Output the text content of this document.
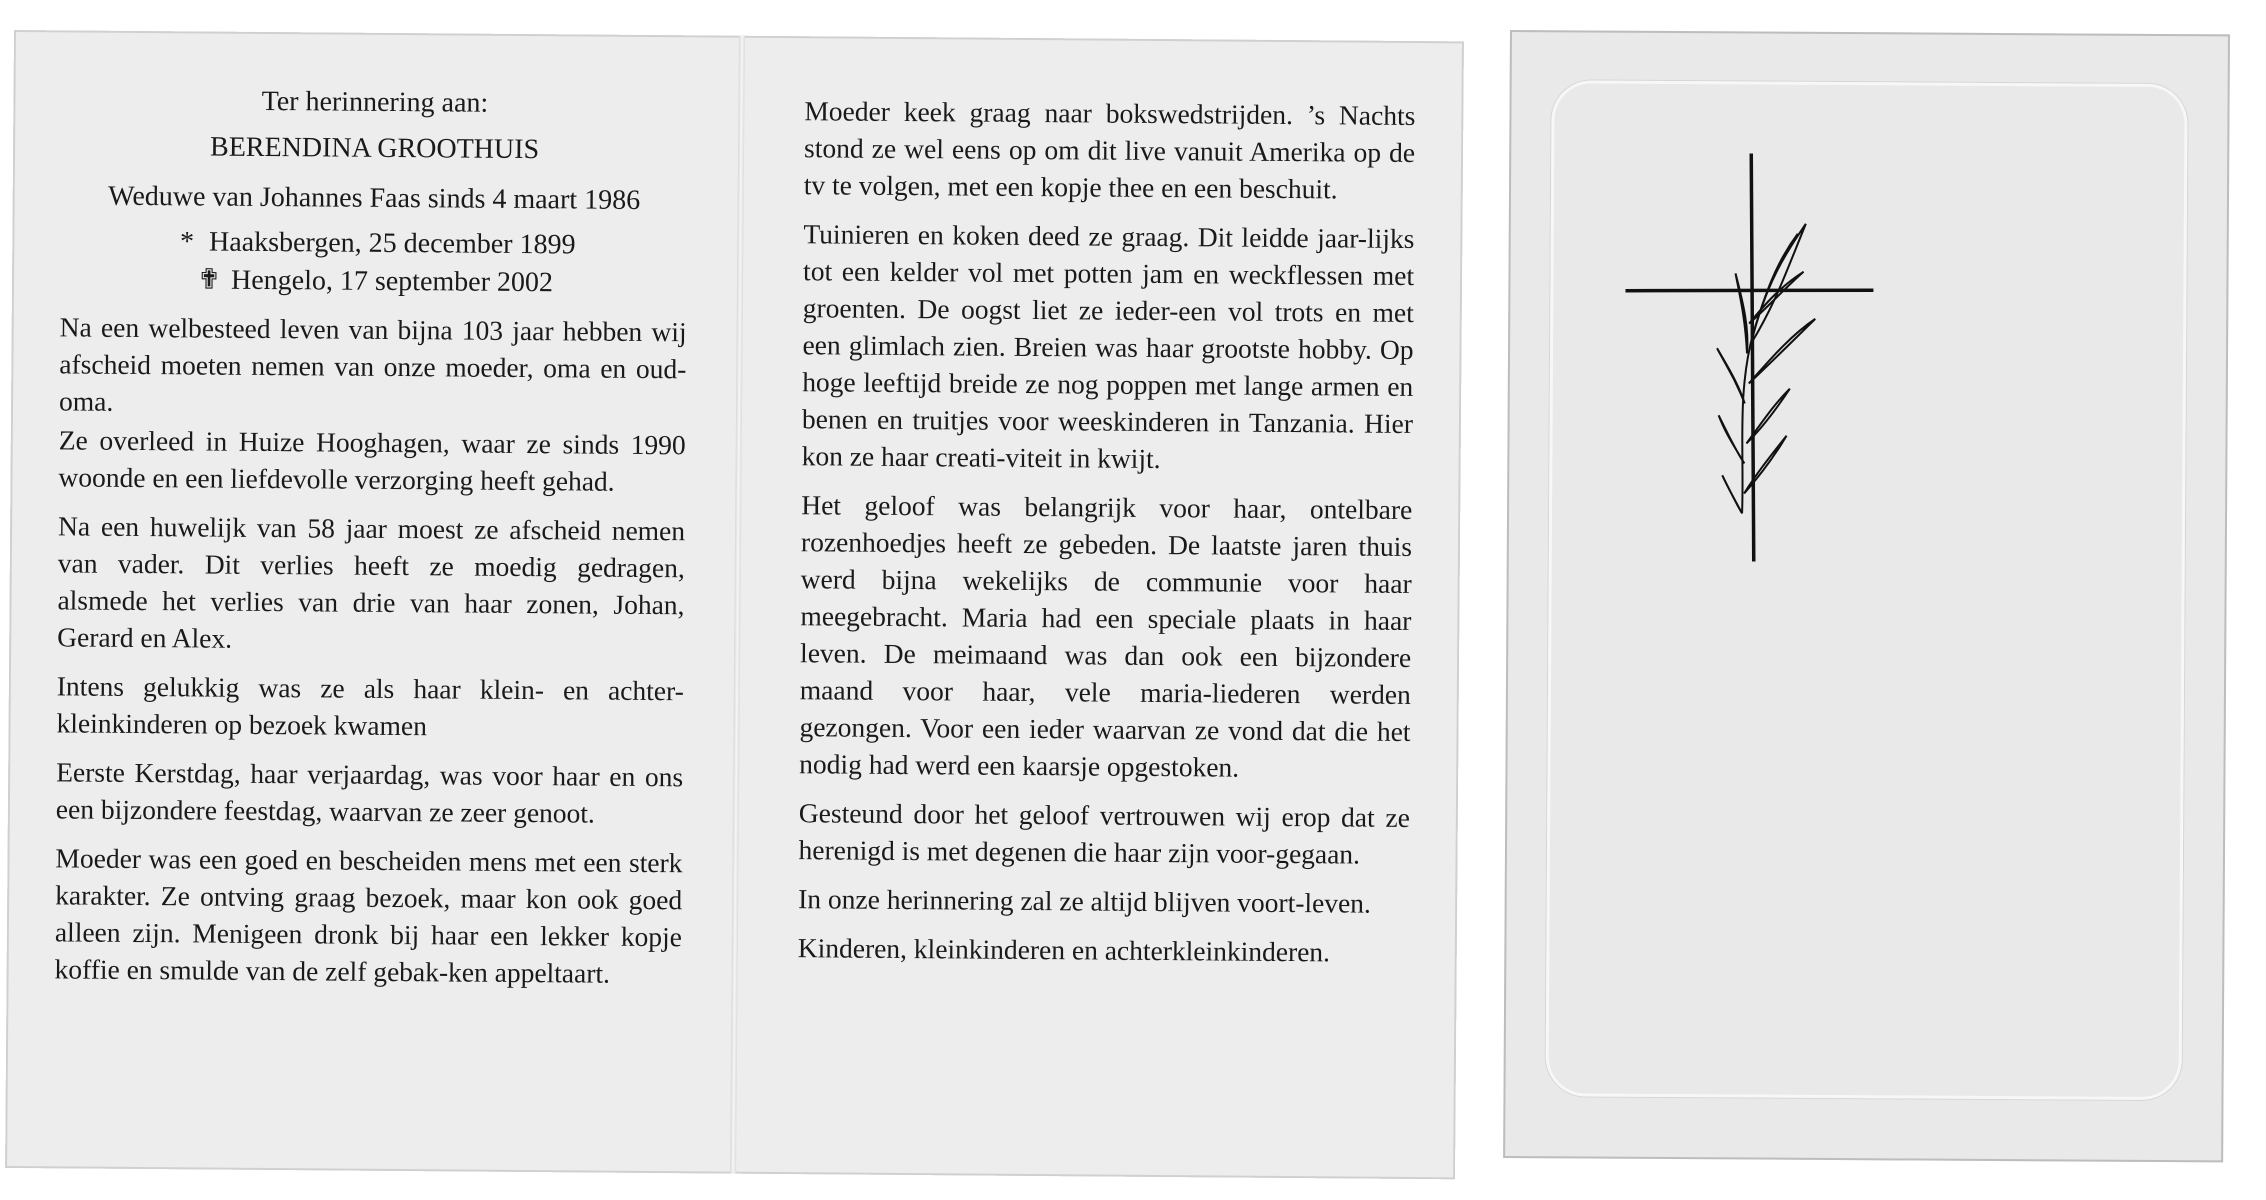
Ter herinnering aan:
BERENDINA GROOTHUIS
Weduwe van Johannes Faas sinds 4 maart 1986
* Haaksbergen, 25 december 1899
✟ Hengelo, 17 september 2002

Na een welbesteed leven van bijna 103 jaar hebben wij afscheid moeten nemen van onze moeder, oma en oud-oma.

Ze overleed in Huize Hooghagen, waar ze sinds 1990 woonde en een liefdevolle verzorging heeft gehad.

Na een huwelijk van 58 jaar moest ze afscheid nemen van vader. Dit verlies heeft ze moedig gedragen, alsmede het verlies van drie van haar zonen, Johan, Gerard en Alex.

Intens gelukkig was ze als haar klein- en achter-kleinkinderen op bezoek kwamen

Eerste Kerstdag, haar verjaardag, was voor haar en ons een bijzondere feestdag, waarvan ze zeer genoot.

Moeder was een goed en bescheiden mens met een sterk karakter. Ze ontving graag bezoek, maar kon ook goed alleen zijn. Menigeen dronk bij haar een lekker kopje koffie en smulde van de zelf gebak-ken appeltaart.

Moeder keek graag naar bokswedstrijden. ’s Nachts stond ze wel eens op om dit live vanuit Amerika op de tv te volgen, met een kopje thee en een beschuit.

Tuinieren en koken deed ze graag. Dit leidde jaar-lijks tot een kelder vol met potten jam en weckflessen met groenten. De oogst liet ze ieder-een vol trots en met een glimlach zien. Breien was haar grootste hobby. Op hoge leeftijd breide ze nog poppen met lange armen en benen en truitjes voor weeskinderen in Tanzania. Hier kon ze haar creati-viteit in kwijt.

Het geloof was belangrijk voor haar, ontelbare rozenhoedjes heeft ze gebeden. De laatste jaren thuis werd bijna wekelijks de communie voor haar meegebracht. Maria had een speciale plaats in haar leven. De meimaand was dan ook een bijzondere maand voor haar, vele maria-liederen werden gezongen. Voor een ieder waarvan ze vond dat die het nodig had werd een kaarsje opgestoken.

Gesteund door het geloof vertrouwen wij erop dat ze herenigd is met degenen die haar zijn voor-gegaan.

In onze herinnering zal ze altijd blijven voort-leven.

Kinderen, kleinkinderen en achterkleinkinderen.
